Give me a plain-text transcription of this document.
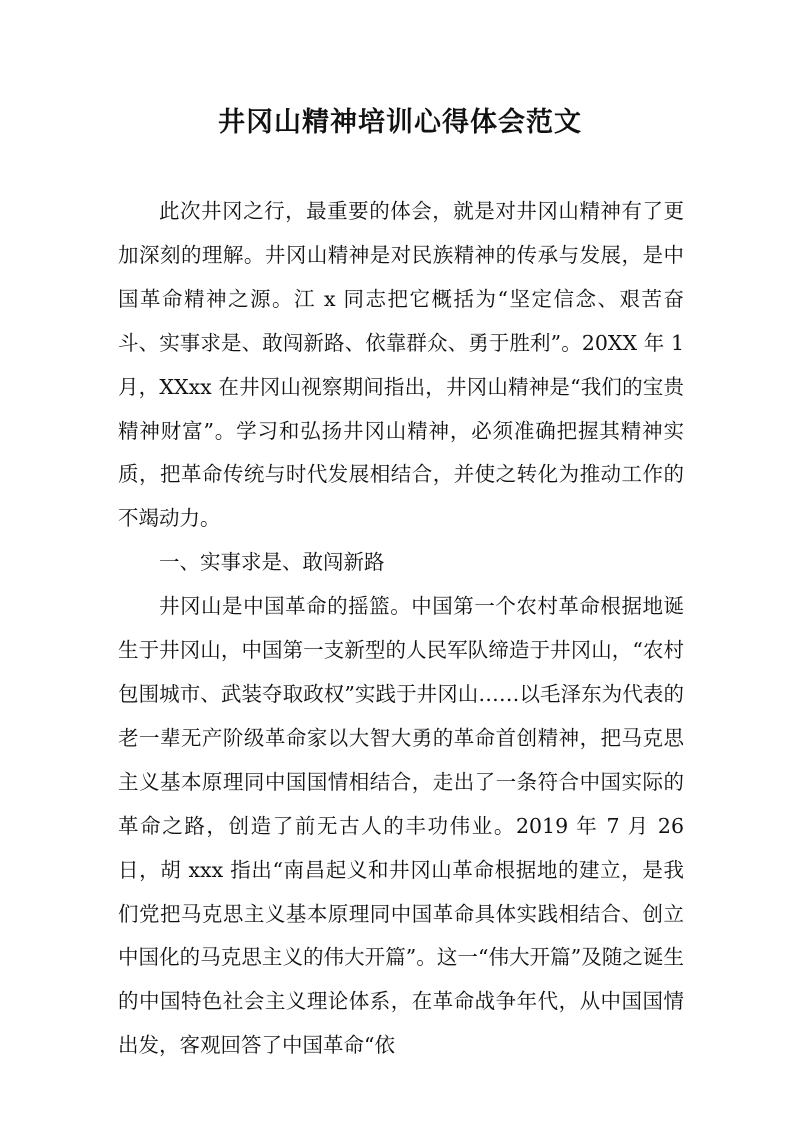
井冈山精神培训心得体会范文

此次井冈之行，最重要的体会，就是对井冈山精神有了更加深刻的理解。井冈山精神是对民族精神的传承与发展，是中国革命精神之源。江 x 同志把它概括为“坚定信念、艰苦奋斗、实事求是、敢闯新路、依靠群众、勇于胜利”。20XX 年 1 月，XXxx 在井冈山视察期间指出，井冈山精神是“我们的宝贵精神财富”。学习和弘扬井冈山精神，必须准确把握其精神实质，把革命传统与时代发展相结合，并使之转化为推动工作的不竭动力。

一、实事求是、敢闯新路

井冈山是中国革命的摇篮。中国第一个农村革命根据地诞生于井冈山，中国第一支新型的人民军队缔造于井冈山，“农村包围城市、武装夺取政权”实践于井冈山……以毛泽东为代表的老一辈无产阶级革命家以大智大勇的革命首创精神，把马克思主义基本原理同中国国情相结合，走出了一条符合中国实际的革命之路，创造了前无古人的丰功伟业。2019 年 7 月 26 日，胡 xxx 指出“南昌起义和井冈山革命根据地的建立，是我们党把马克思主义基本原理同中国革命具体实践相结合、创立中国化的马克思主义的伟大开篇”。这一“伟大开篇”及随之诞生的中国特色社会主义理论体系，在革命战争年代，从中国国情出发，客观回答了中国革命“依
